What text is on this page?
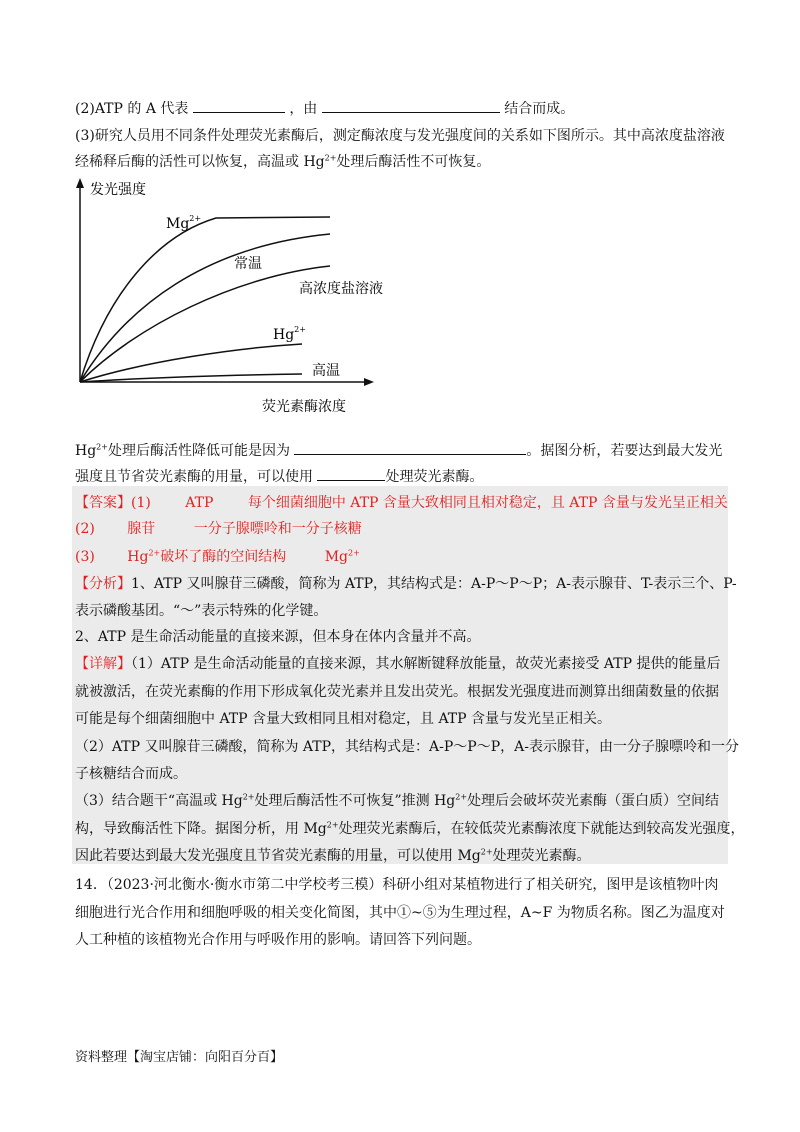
(2)ATP 的 A 代表	，由	结合而成。
(3)研究人员用不同条件处理荧光素酶后，测定酶浓度与发光强度间的关系如下图所示。其中高浓度盐溶液
经稀释后酶的活性可以恢复，高温或 $Hg^{2+}$处理后酶活性不可恢复。
发光强度
$Mg^{2+}$
常温
高浓度盐溶液
$Hg^{2+}$
高温
荧光素酶浓度
$Hg^{2+}$处理后酶活性降低可能是因为	。据图分析，若要达到最大发光
强度且节省荧光素酶的用量，可以使用	处理荧光素酶。
【答案】(1) ATP 每个细菌细胞中 ATP 含量大致相同且相对稳定，且 ATP 含量与发光呈正相关
(2) 腺苷	一分子腺嘌呤和一分子核糖
(3) $Hg^{2+}$破坏了酶的空间结构	$Mg^{2+}$
【分析】1、ATP 又叫腺苷三磷酸，简称为 ATP，其结构式是：A-P～P～P；A-表示腺苷、T-表示三个、P-
表示磷酸基团。“～”表示特殊的化学键。
2、ATP 是生命活动能量的直接来源，但本身在体内含量并不高。
【详解】（1）ATP 是生命活动能量的直接来源，其水解断键释放能量，故荧光素接受 ATP 提供的能量后
就被激活，在荧光素酶的作用下形成氧化荧光素并且发出荧光。根据发光强度进而测算出细菌数量的依据
可能是每个细菌细胞中 ATP 含量大致相同且相对稳定，且 ATP 含量与发光呈正相关。
（2）ATP 又叫腺苷三磷酸，简称为 ATP，其结构式是：A-P～P～P，A-表示腺苷，由一分子腺嘌呤和一分
子核糖结合而成。
（3）结合题干“高温或 $Hg^{2+}$处理后酶活性不可恢复”推测 $Hg^{2+}$处理后会破坏荧光素酶（蛋白质）空间结
构，导致酶活性下降。据图分析，用 $Mg^{2+}$处理荧光素酶后，在较低荧光素酶浓度下就能达到较高发光强度，
因此若要达到最大发光强度且节省荧光素酶的用量，可以使用 $Mg^{2+}$处理荧光素酶。
14．（2023·河北衡水·衡水市第二中学校考三模）科研小组对某植物进行了相关研究，图甲是该植物叶肉
细胞进行光合作用和细胞呼吸的相关变化简图，其中①~⑤为生理过程，A~F 为物质名称。图乙为温度对
人工种植的该植物光合作用与呼吸作用的影响。请回答下列问题。
资料整理【淘宝店铺：向阳百分百】
